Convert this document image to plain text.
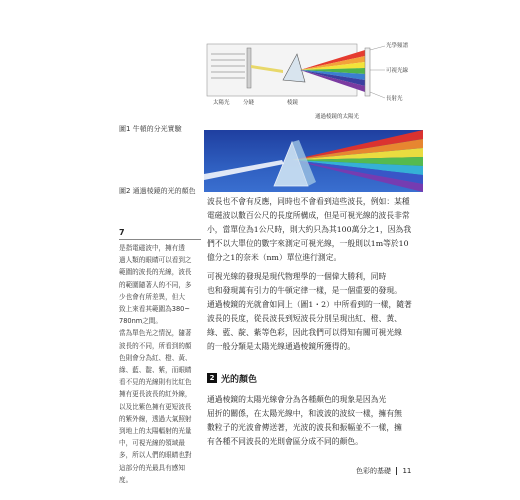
光學頻譜
可視光線
長射光
太陽光 分縫	棱鏡
通過棱鏡的太陽光
圖1 牛頓的分光實驗
圖2 通過棱鏡的光的顏色
7
是指電磁波中，擁有透
過人類的眼睛可以看到之
範圍的波長的光線，波長
的範圍隨著人的不同，多
少也會有所差異，但大
致上來看其範圍為380~
780nm之間。
當為單色光之情況，隨著
波長的不同，所看到的顏
色則會分為紅、橙、黃、
綠、藍、靛、紫，而眼睛
看不見的光線則有比紅色
擁有更長波長的紅外線，
以及比紫色擁有更短波長
的紫外線，透過大氣照射
到地上的太陽輻射的光量
中，可視光線的領域最
多，所以人們的眼睛也對
這部分的光最具有感知
度。
波長也不會有反應，同時也不會看到這些波長，例如：某種
電磁波以數百公尺的長度所構成，但是可視光線的波長非常
小，當單位為1公尺時，則大約只為其100萬分之1，因為我
們不以大單位的數字來測定可視光線，一般則以1m等於10
億分之1的奈米（nm）單位進行測定。
可視光線的發現是現代物理學的一個偉大勝利，同時
也和發現萬有引力的牛頓定律一樣，是一個重要的發現。
通過棱鏡的光就會如同上（圖1・2）中所看到的一樣，隨著
波長的長度，從長波長到短波長分別呈現出紅、橙、黃、
綠、藍、靛、紫等色彩，因此我們可以得知有關可視光線
的一般分類是太陽光線通過棱鏡所獲得的。
2 光的顏色
通過棱鏡的太陽光線會分為各種顏色的現象是因為光
屈折的關係，在太陽光線中，和波波的波紋一樣，擁有無
數粒子的光波會傳送著，光波的波長和振幅並不一樣，擁
有各種不同波長的光則會區分成不同的顏色。
色彩的基礎 11
